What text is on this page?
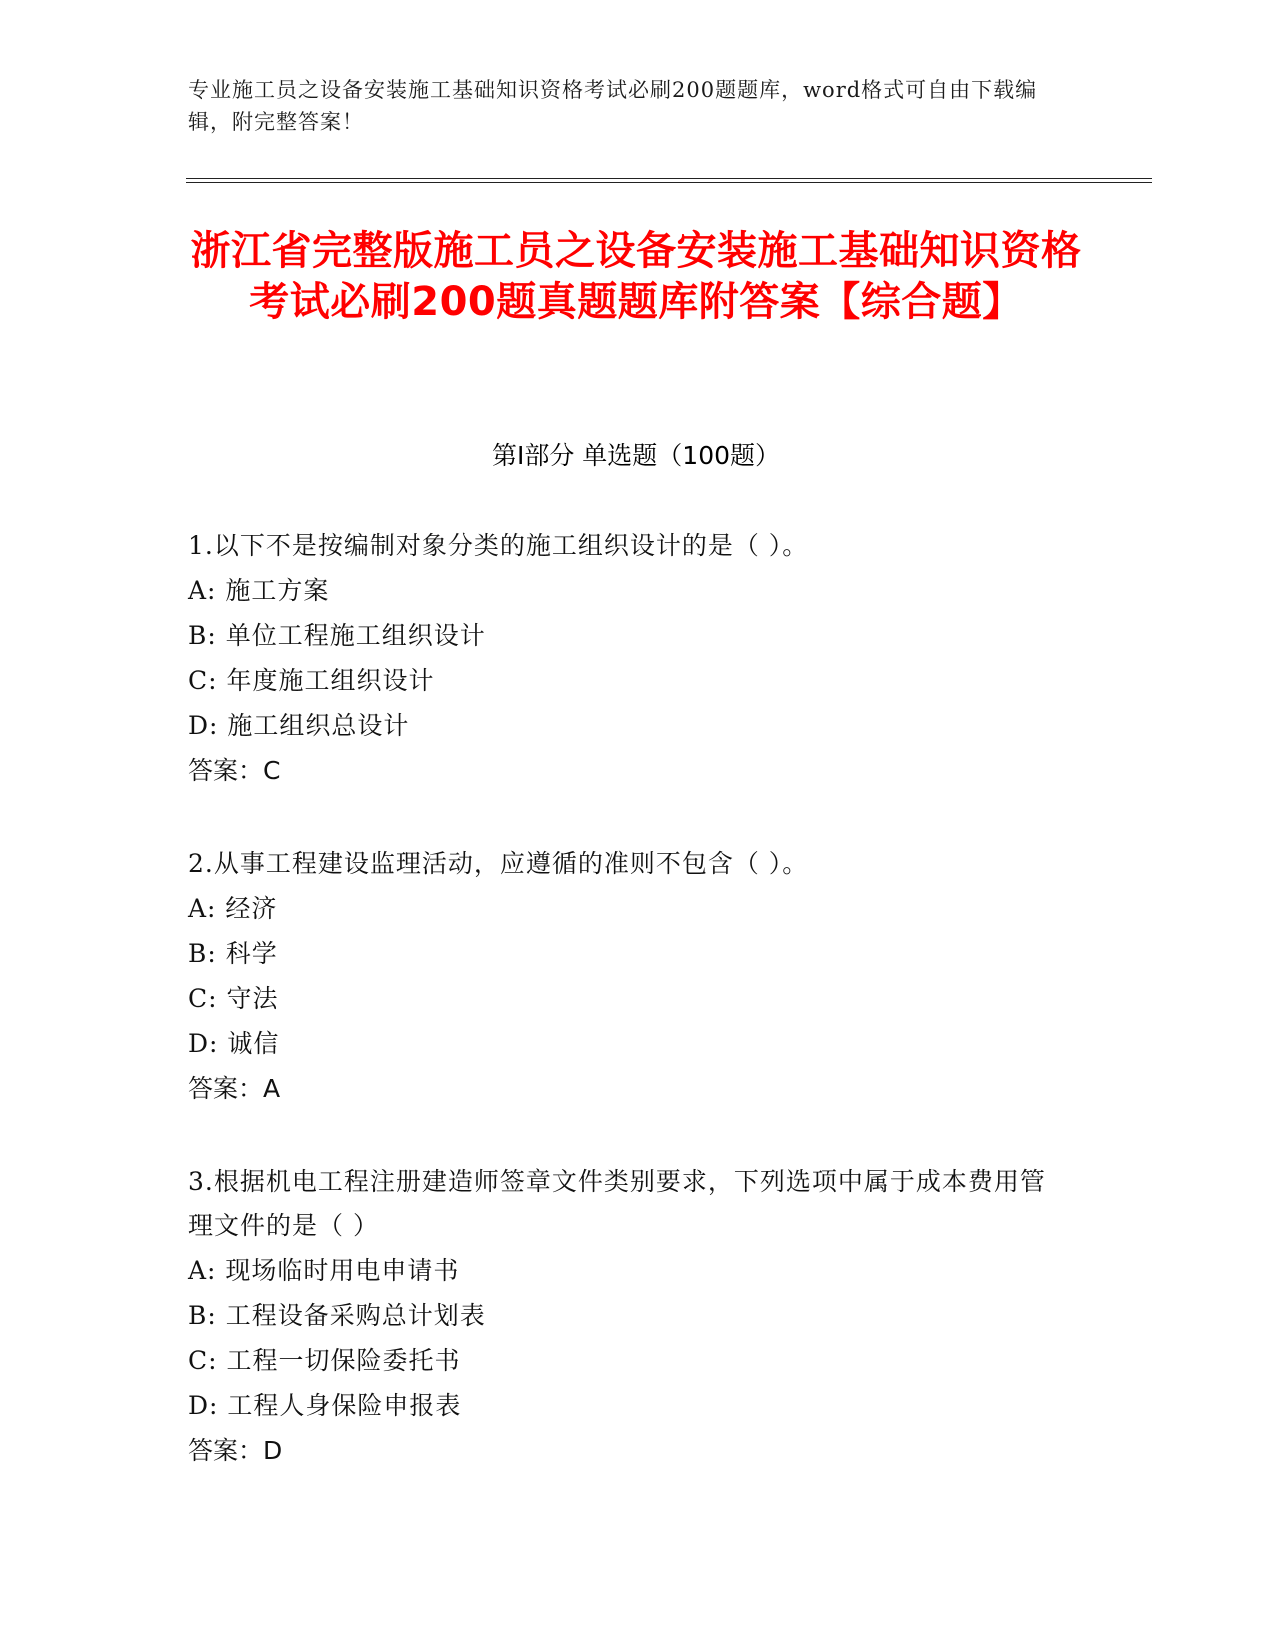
专业施工员之设备安装施工基础知识资格考试必刷200题题库，word格式可自由下载编辑，附完整答案！
浙江省完整版施工员之设备安装施工基础知识资格考试必刷200题真题题库附答案【综合题】
第I部分 单选题（100题）
1.以下不是按编制对象分类的施工组织设计的是（ ）。
A: 施工方案
B: 单位工程施工组织设计
C: 年度施工组织设计
D: 施工组织总设计
答案：C
2.从事工程建设监理活动，应遵循的准则不包含（ ）。
A: 经济
B: 科学
C: 守法
D: 诚信
答案：A
3.根据机电工程注册建造师签章文件类别要求，下列选项中属于成本费用管理文件的是（ ）
A: 现场临时用电申请书
B: 工程设备采购总计划表
C: 工程一切保险委托书
D: 工程人身保险申报表
答案：D
